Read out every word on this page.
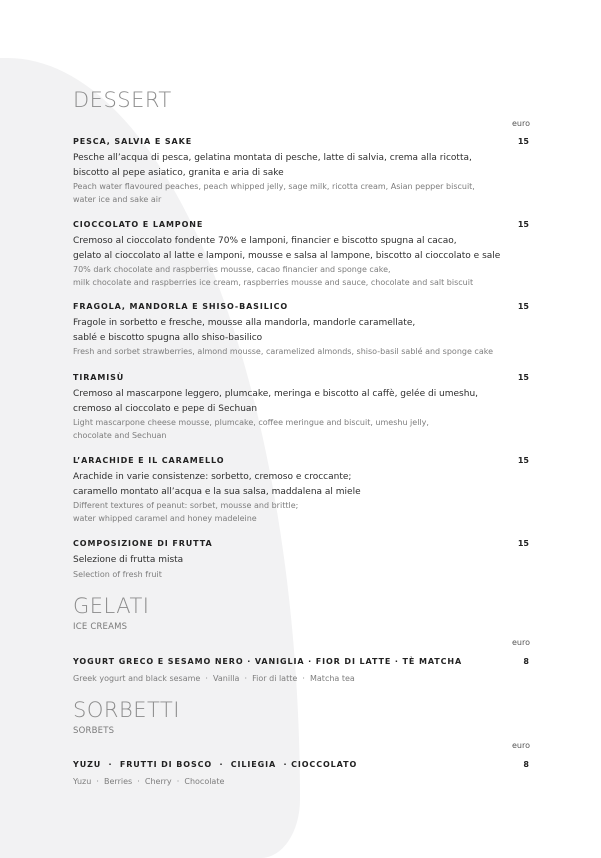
DESSERT
euro
PESCA, SALVIA E SAKE	15
Pesche all’acqua di pesca, gelatina montata di pesche, latte di salvia, crema alla ricotta,
biscotto al pepe asiatico, granita e aria di sake
Peach water flavoured peaches, peach whipped jelly, sage milk, ricotta cream, Asian pepper biscuit,
water ice and sake air
CIOCCOLATO E LAMPONE	15
Cremoso al cioccolato fondente 70% e lamponi, financier e biscotto spugna al cacao,
gelato al cioccolato al latte e lamponi, mousse e salsa al lampone, biscotto al cioccolato e sale
70% dark chocolate and raspberries mousse, cacao financier and sponge cake,
milk chocolate and raspberries ice cream, raspberries mousse and sauce, chocolate and salt biscuit
FRAGOLA, MANDORLA E SHISO-BASILICO	15
Fragole in sorbetto e fresche, mousse alla mandorla, mandorle caramellate,
sablé e biscotto spugna allo shiso-basilico
Fresh and sorbet strawberries, almond mousse, caramelized almonds, shiso-basil sablé and sponge cake
TIRAMISÙ	15
Cremoso al mascarpone leggero, plumcake, meringa e biscotto al caffè, gelée di umeshu,
cremoso al cioccolato e pepe di Sechuan
Light mascarpone cheese mousse, plumcake, coffee meringue and biscuit, umeshu jelly,
chocolate and Sechuan
L’ARACHIDE E IL CARAMELLO	15
Arachide in varie consistenze: sorbetto, cremoso e croccante;
caramello montato all’acqua e la sua salsa, maddalena al miele
Different textures of peanut: sorbet, mousse and brittle;
water whipped caramel and honey madeleine
COMPOSIZIONE DI FRUTTA	15
Selezione di frutta mista
Selection of fresh fruit
GELATI
ICE CREAMS
euro
YOGURT GRECO E SESAMO NERO · VANIGLIA · FIOR DI LATTE · TÈ MATCHA	8
Greek yogurt and black sesame  ·  Vanilla  ·  Fior di latte  ·  Matcha tea
SORBETTI
SORBETS
euro
YUZU  ·  FRUTTI DI BOSCO  ·  CILIEGIA  · CIOCCOLATO	8
Yuzu  ·  Berries  ·  Cherry  ·  Chocolate
